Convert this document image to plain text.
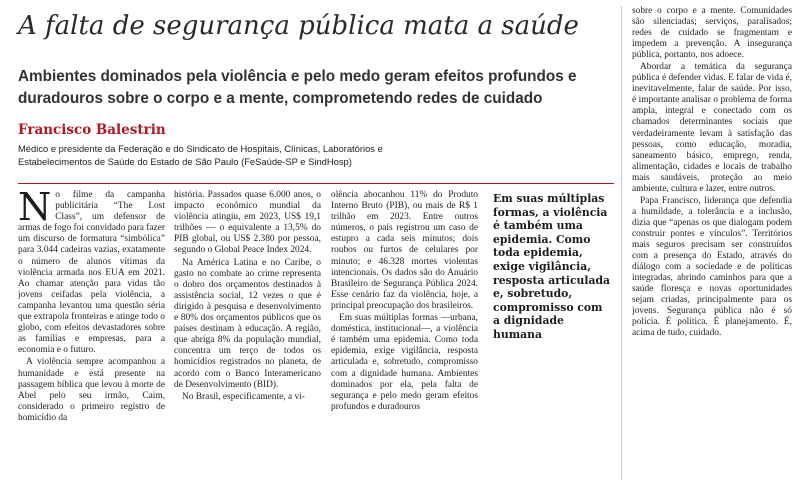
A falta de segurança pública mata a saúde
Ambientes dominados pela violência e pelo medo geram efeitos profundos e duradouros sobre o corpo e a mente, comprometendo redes de cuidado
Francisco Balestrin
Médico e presidente da Federação e do Sindicato de Hospitais, Clínicas, Laboratórios e Estabelecimentos de Saúde do Estado de São Paulo (FeSaúde-SP e SindHosp)

No filme da campanha publicitária “The Lost Class”, um defensor de armas de fogo foi convidado para fazer um discurso de formatura “simbólica” para 3.044 cadeiras vazias, exatamente o número de alunos vítimas da violência armada nos EUA em 2021. Ao chamar atenção para vidas tão jovens ceifadas pela violência, a campanha levantou uma questão séria que extrapola fronteiras e atinge todo o globo, com efeitos devastadores sobre as famílias e empresas, para a economia e o futuro.

A violência sempre acompanhou a humanidade e está presente na passagem bíblica que levou à morte de Abel pelo seu irmão, Caim, considerado o primeiro registro de homicídio da

história. Passados quase 6.000 anos, o impacto econômico mundial da violência atingiu, em 2023, US$ 19,1 trilhões — o equivalente a 13,5% do PIB global, ou US$ 2.380 por pessoa, segundo o Global Peace Index 2024.

Na América Latina e no Caribe, o gasto no combate ao crime representa o dobro dos orçamentos destinados à assistência social, 12 vezes o que é dirigido à pesquisa e desenvolvimento e 80% dos orçamentos públicos que os países destinam à educação. A região, que abriga 8% da população mundial, concentra um terço de todos os homicídios registrados no planeta, de acordo com o Banco Interamericano de Desenvolvimento (BID).

No Brasil, especificamente, a vi-

olência abocanhou 11% do Produto Interno Bruto (PIB), ou mais de R$ 1 trilhão em 2023. Entre outros números, o país registrou um caso de estupro a cada seis minutos; dois roubos ou furtos de celulares por minuto; e 46.328 mortes violentas intencionais. Os dados são do Anuário Brasileiro de Segurança Pública 2024. Esse cenário faz da violência, hoje, a principal preocupação dos brasileiros.

Em suas múltiplas formas —urbana, doméstica, institucional—, a violência é também uma epidemia. Como toda epidemia, exige vigilância, resposta articulada e, sobretudo, compromisso com a dignidade humana. Ambientes dominados por ela, pela falta de segurança e pelo medo geram efeitos profundos e duradouros

Em suas múltiplas formas, a violência é também uma epidemia. Como toda epidemia, exige vigilância, resposta articulada e, sobretudo, compromisso com a dignidade humana

sobre o corpo e a mente. Comunidades são silenciadas; serviços, paralisados; redes de cuidado se fragmentam e impedem a prevenção. A insegurança pública, portanto, nos adoece.

Abordar a temática da segurança pública é defender vidas. E falar de vida é, inevitavelmente, falar de saúde. Por isso, é importante analisar o problema de forma ampla, integral e conectado com os chamados determinantes sociais que verdadeiramente levam à satisfação das pessoas, como educação, moradia, saneamento básico, emprego, renda, alimentação, cidades e locais de trabalho mais saudáveis, proteção ao meio ambiente, cultura e lazer, entre outros.

Papa Francisco, liderança que defendia a humildade, a tolerância e a inclusão, dizia que “apenas os que dialogam podem construir pontes e vínculos”. Territórios mais seguros precisam ser construídos com a presença do Estado, através do diálogo com a sociedade e de políticas integradas, abrindo caminhos para que a saúde floresça e novas oportunidades sejam criadas, principalmente para os jovens. Segurança pública não é só polícia. É política. É planejamento. É, acima de tudo, cuidado.
